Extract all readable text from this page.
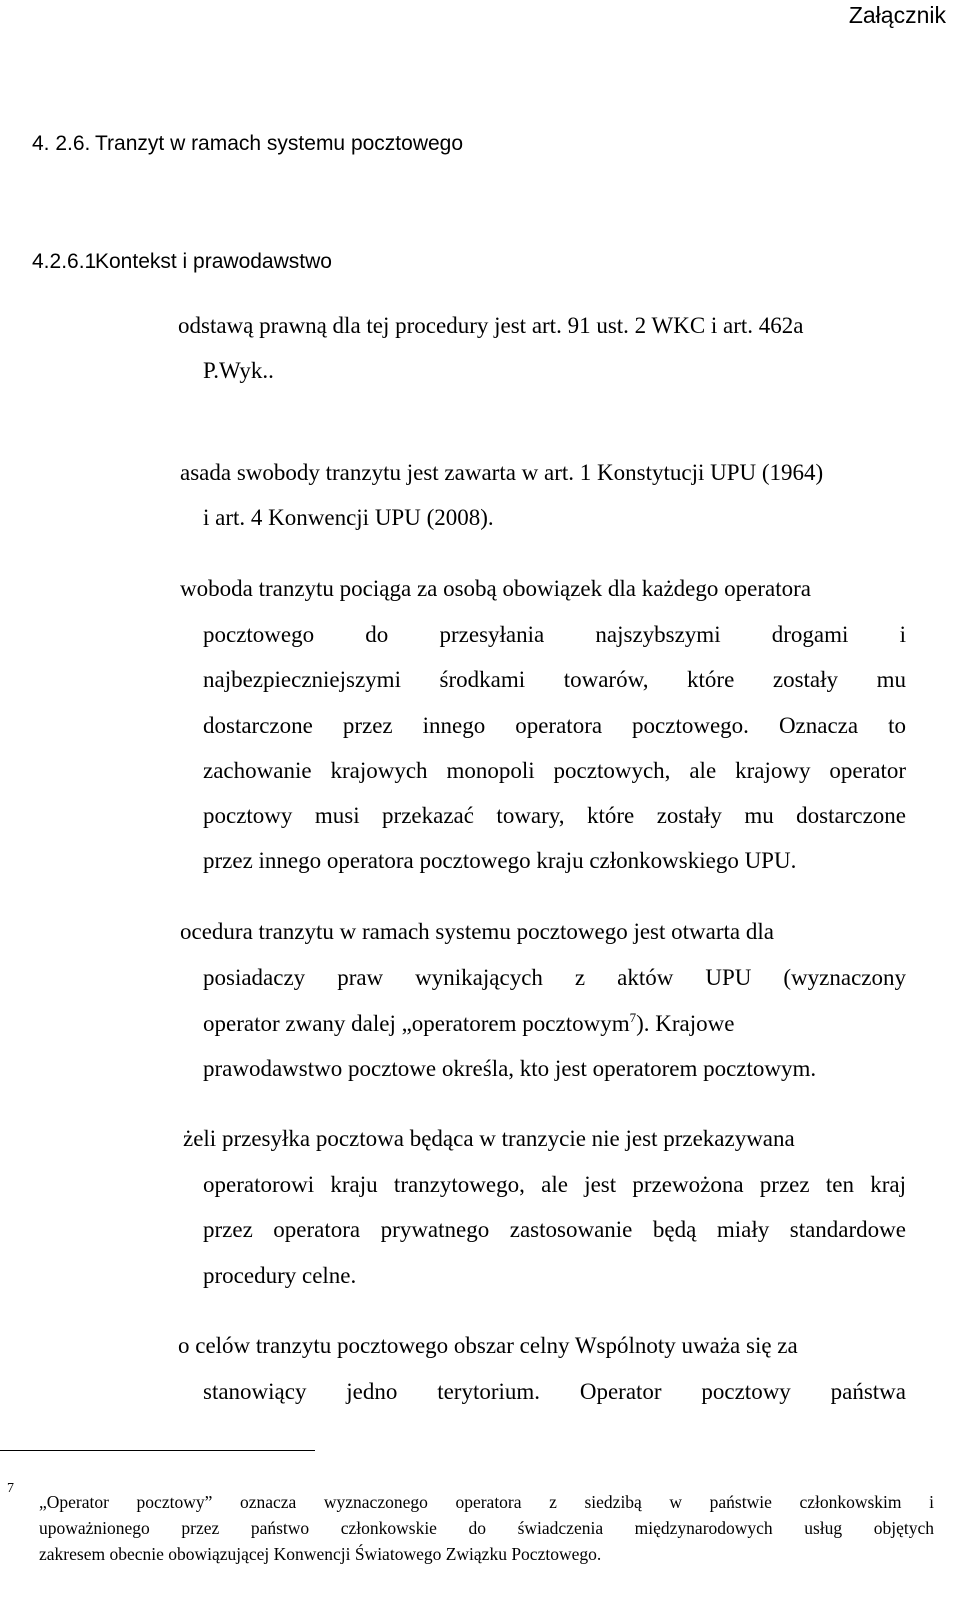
Załącznik
4. 2.6. Tranzyt w ramach systemu pocztowego
4.2.6.1
Kontekst i prawodawstwo
odstawą prawną dla tej procedury jest art. 91 ust. 2 WKC i art. 462a
P.Wyk..
asada swobody tranzytu jest zawarta w art. 1 Konstytucji UPU (1964)
i art. 4 Konwencji UPU (2008).
woboda tranzytu pociąga za osobą obowiązek dla każdego operatora
pocztowego do przesyłania najszybszymi drogami i
najbezpieczniejszymi środkami towarów, które zostały mu
dostarczone przez innego operatora pocztowego. Oznacza to
zachowanie krajowych monopoli pocztowych, ale krajowy operator
pocztowy musi przekazać towary, które zostały mu dostarczone
przez innego operatora pocztowego kraju członkowskiego UPU.
ocedura tranzytu w ramach systemu pocztowego jest otwarta dla
posiadaczy praw wynikających z aktów UPU (wyznaczony
operator zwany dalej „operatorem pocztowym$^7$). Krajowe
prawodawstwo pocztowe określa, kto jest operatorem pocztowym.
żeli przesyłka pocztowa będąca w tranzycie nie jest przekazywana
operatorowi kraju tranzytowego, ale jest przewożona przez ten kraj
przez operatora prywatnego zastosowanie będą miały standardowe
procedury celne.
o celów tranzytu pocztowego obszar celny Wspólnoty uważa się za
stanowiący jedno terytorium. Operator pocztowy państwa
7
„Operator pocztowy” oznacza wyznaczonego operatora z siedzibą w państwie członkowskim i
upoważnionego przez państwo członkowskie do świadczenia międzynarodowych usług objętych
zakresem obecnie obowiązującej Konwencji Światowego Związku Pocztowego.
